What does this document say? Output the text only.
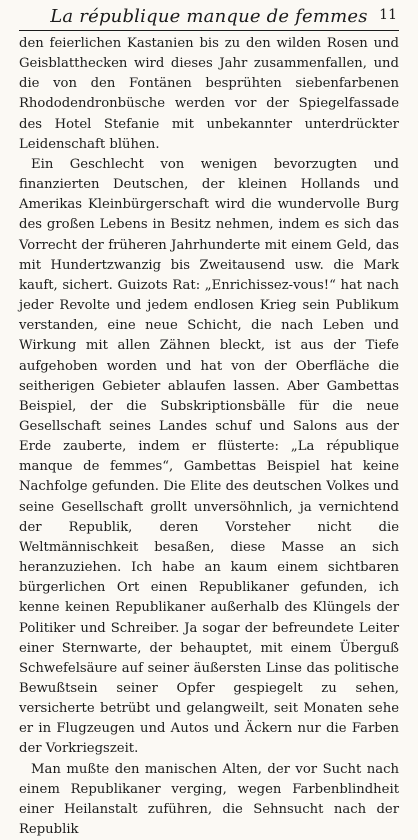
La république manque de femmes 11

den feierlichen Kastanien bis zu den wilden Rosen und Geisblatthecken wird dieses Jahr zusammenfallen, und die von den Fontänen besprühten siebenfarbenen Rhododendronbüsche werden vor der Spiegelfassade des Hotel Stefanie mit unbekannter unterdrückter Leidenschaft blühen.

Ein Geschlecht von wenigen bevorzugten und finanzierten Deutschen, der kleinen Hollands und Amerikas Kleinbürgerschaft wird die wundervolle Burg des großen Lebens in Besitz nehmen, indem es sich das Vorrecht der früheren Jahrhunderte mit einem Geld, das mit Hundertzwanzig bis Zweitausend usw. die Mark kauft, sichert. Guizots Rat: „Enrichissez-vous!“ hat nach jeder Revolte und jedem endlosen Krieg sein Publikum verstanden, eine neue Schicht, die nach Leben und Wirkung mit allen Zähnen bleckt, ist aus der Tiefe aufgehoben worden und hat von der Oberfläche die seitherigen Gebieter ablaufen lassen. Aber Gambettas Beispiel, der die Subskriptionsbälle für die neue Gesellschaft seines Landes schuf und Salons aus der Erde zauberte, indem er flüsterte: „La république manque de femmes“, Gambettas Beispiel hat keine Nachfolge gefunden. Die Elite des deutschen Volkes und seine Gesellschaft grollt unversöhnlich, ja vernichtend der Republik, deren Vorsteher nicht die Weltmännischkeit besaßen, diese Masse an sich heranzuziehen. Ich habe an kaum einem sichtbaren bürgerlichen Ort einen Republikaner gefunden, ich kenne keinen Republikaner außerhalb des Klüngels der Politiker und Schreiber. Ja sogar der befreundete Leiter einer Sternwarte, der behauptet, mit einem Überguß Schwefelsäure auf seiner äußersten Linse das politische Bewußtsein seiner Opfer gespiegelt zu sehen, versicherte betrübt und gelangweilt, seit Monaten sehe er in Flugzeugen und Autos und Äckern nur die Farben der Vorkriegszeit.

Man mußte den manischen Alten, der vor Sucht nach einem Republikaner verging, wegen Farbenblindheit einer Heilanstalt zuführen, die Sehnsucht nach der Republik
